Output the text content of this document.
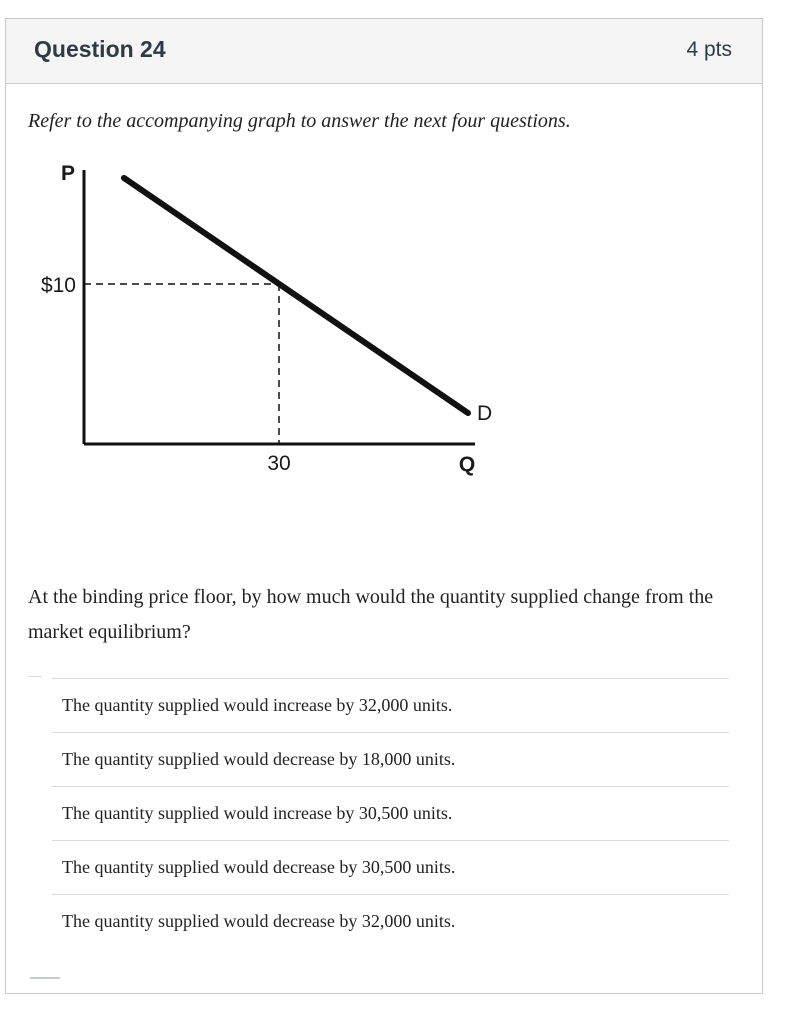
Question 24	4 pts
Refer to the accompanying graph to answer the next four questions.
P
$10
30	Q
D
At the binding price floor, by how much would the quantity supplied change from the market equilibrium?
The quantity supplied would increase by 32,000 units.
The quantity supplied would decrease by 18,000 units.
The quantity supplied would increase by 30,500 units.
The quantity supplied would decrease by 30,500 units.
The quantity supplied would decrease by 32,000 units.
